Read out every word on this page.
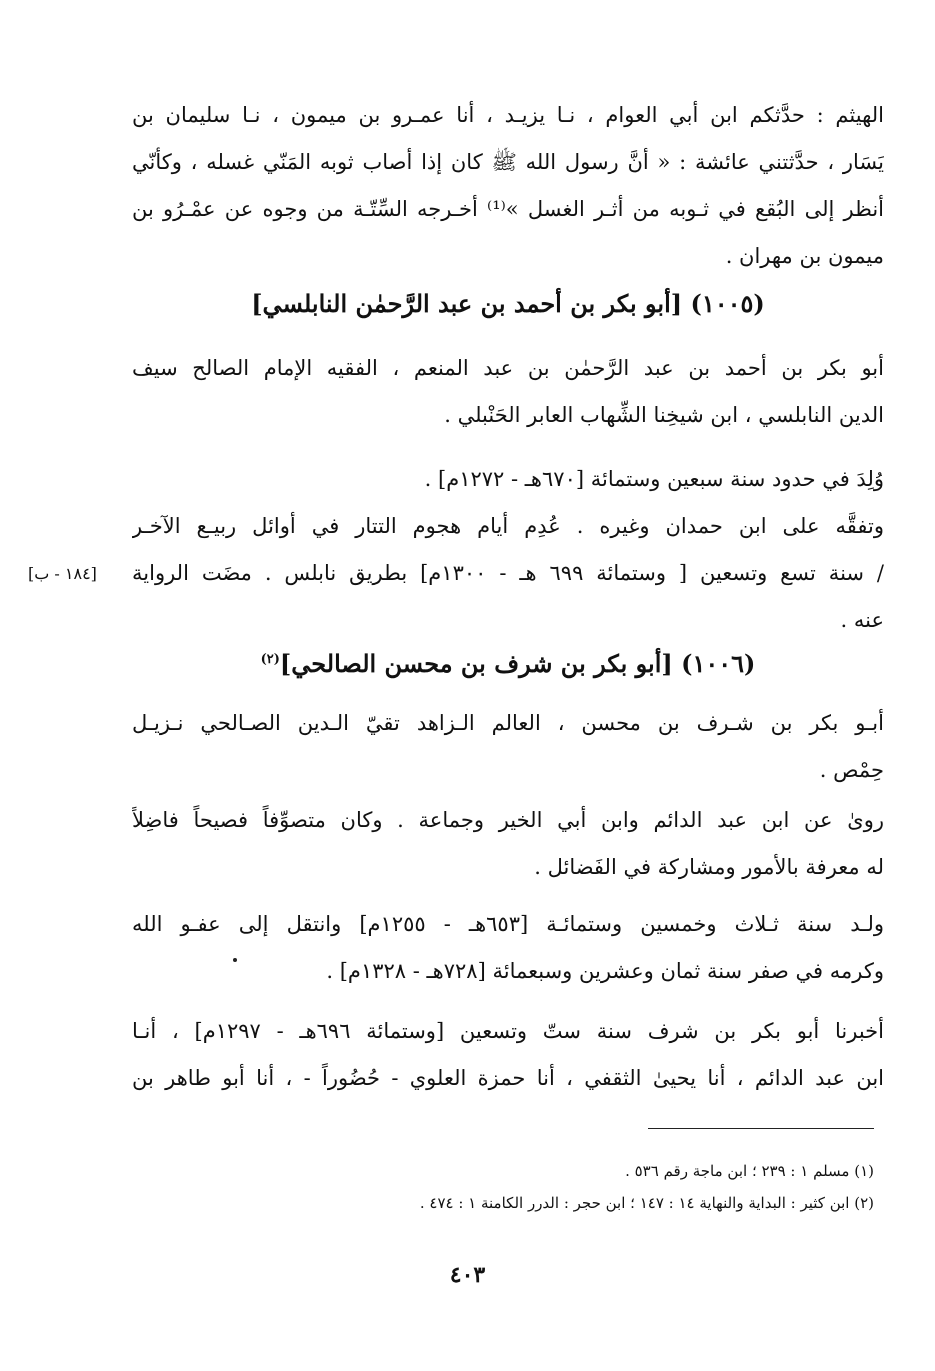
الهيثم : حدَّثكم ابن أبي العوام ، نـا يزيـد ، أنا عمـرو بن ميمون ، نـا سليمان بن
يَسَار ، حدَّثتني عائشة : « أنَّ رسول الله ﷺ كان إذا أصاب ثوبه المَنّي غسله ، وكأنّي
أنظر إلى البُقع في ثـوبه من أثـر الغسل »⁽¹⁾ أخـرجه السِّتّـة من وجوه عن عمْـرُو بن
ميمون بن مهران .
(١٠٠٥) [أبو بكر بن أحمد بن عبد الرَّحمٰن النابلسي]
أبو بكر بن أحمد بن عبد الرَّحمٰن بن عبد المنعم ، الفقيه الإمام الصالح سيف
الدين النابلسي ، ابن شيخِنا الشِّهاب العابر الحَنْبلي .
وُلِدَ في حدود سنة سبعين وستمائة [٦٧٠هـ - ١٢٧٢م] .
وتفقَّه على ابن حمدان وغيره . عُدِم أيام هجوم التتار في أوائل ربيـع الآخـر
/ سنة تسع وتسعين [ وستمائة ٦٩٩ هـ - ١٣٠٠م] بطريق نابلس . مضَت الرواية
عنه .
[١٨٤ - ب]
(١٠٠٦) [أبو بكر بن شرف بن محسن الصالحي]$^{(٢)}$
أبـو بكر بن شـرف بن محسن ، العالم الـزاهد تقيّ الـدين الصـالحي نـزيـل
حِمْص .
روىٰ عن ابن عبد الدائم وابن أبي الخير وجماعة . وكان متصوِّفاً فصيحاً فاضِلاً
له معرفة بالأمور ومشاركة في الفَضائل .
ولـد سنة ثـلاث وخمسين وستمائـة [٦٥٣هـ - ١٢٥٥م] وانتقل إلى عفـو الله
وكرمه في صفر سنة ثمان وعشرين وسبعمائة [٧٢٨هـ - ١٣٢٨م] .
أخبرنا أبو بكر بن شرف سنة ستّ وتسعين [وستمائة ٦٩٦هـ - ١٢٩٧م] ، أنـا
ابن عبد الدائم ، أنا يحيىٰ الثقفي ، أنا حمزة العلوي - حُضُوراً - ، أنا أبو طاهر بن
(١) مسلم ١ : ٢٣٩ ؛ ابن ماجة رقم ٥٣٦ .
(٢) ابن كثير : البداية والنهاية ١٤ : ١٤٧ ؛ ابن حجر : الدرر الكامنة ١ : ٤٧٤ .
٤٠٣
